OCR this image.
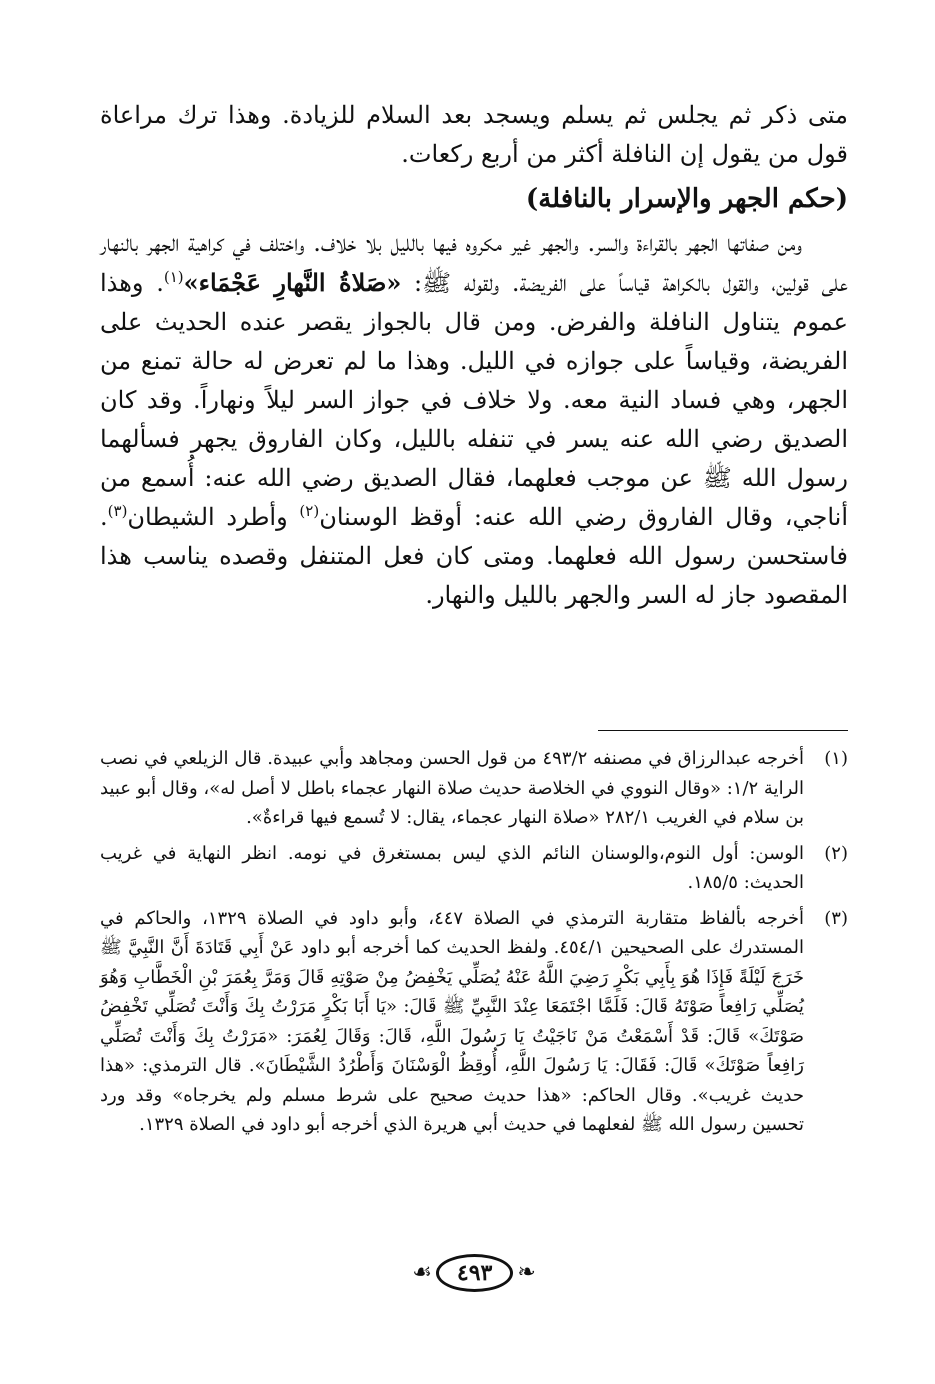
متى ذكر ثم يجلس ثم يسلم ويسجد بعد السلام للزيادة. وهذا ترك مراعاة قول من يقول إن النافلة أكثر من أربع ركعات.

(حكم الجهر والإسرار بالنافلة)

ومن صفاتها الجهر بالقراءة والسر. والجهر غير مكروه فيها بالليل بلا خلاف. واختلف في كراهية الجهر بالنهار على قولين، والقول بالكراهة قياساً على الفريضة. ولقوله ﷺ: «صَلاةُ النَّهارِ عَجْمَاء»$^{(١)}$. وهذا عموم يتناول النافلة والفرض. ومن قال بالجواز يقصر عنده الحديث على الفريضة، وقياساً على جوازه في الليل. وهذا ما لم تعرض له حالة تمنع من الجهر، وهي فساد النية معه. ولا خلاف في جواز السر ليلاً ونهاراً. وقد كان الصديق رضي الله عنه يسر في تنفله بالليل، وكان الفاروق يجهر فسألهما رسول الله ﷺ عن موجب فعلهما، فقال الصديق رضي الله عنه: أُسمع من أناجي، وقال الفاروق رضي الله عنه: أوقظ الوسنان$^{(٢)}$ وأطرد الشيطان$^{(٣)}$. فاستحسن رسول الله فعلهما. ومتى كان فعل المتنفل وقصده يناسب هذا المقصود جاز له السر والجهر بالليل والنهار.

(١)
أخرجه عبدالرزاق في مصنفه ٤٩٣/٢ من قول الحسن ومجاهد وأبي عبيدة. قال الزيلعي في نصب الراية ١/٢: «وقال النووي في الخلاصة حديث صلاة النهار عجماء باطل لا أصل له»، وقال أبو عبيد بن سلام في الغريب ٢٨٢/١ «صلاة النهار عجماء، يقال: لا تُسمع فيها قراءةٌ».
(٢)
الوسن: أول النوم،والوسنان النائم الذي ليس بمستغرق في نومه. انظر النهاية في غريب الحديث: ١٨٥/٥.
(٣)
أخرجه بألفاظ متقاربة الترمذي في الصلاة ٤٤٧، وأبو داود في الصلاة ١٣٢٩، والحاكم في المستدرك على الصحيحين ٤٥٤/١. ولفظ الحديث كما أخرجه أبو داود عَنْ أَبِي قَتَادَةَ أَنَّ النَّبِيَّ ﷺ خَرَجَ لَيْلَةً فَإِذَا هُوَ بِأَبِي بَكْرٍ رَضِيَ اللَّهُ عَنْهُ يُصَلِّي يَخْفِضُ مِنْ صَوْتِهِ قَالَ وَمَرَّ بِعُمَرَ بْنِ الْخَطَّابِ وَهُوَ يُصَلِّي رَافِعاً صَوْتَهُ قَالَ: فَلَمَّا اجْتَمَعَا عِنْدَ النَّبِيِّ ﷺ قَالَ: «يَا أَبَا بَكْرٍ مَرَرْتُ بِكَ وَأَنْتَ تُصَلِّي تَخْفِضُ صَوْتَكَ» قَالَ: قَدْ أَسْمَعْتُ مَنْ نَاجَيْتُ يَا رَسُولَ اللَّهِ، قَالَ: وَقَالَ لِعُمَرَ: «مَرَرْتُ بِكَ وَأَنْتَ تُصَلِّي رَافِعاً صَوْتَكَ» قَالَ: فَقَالَ: يَا رَسُولَ اللَّهِ، أُوقِظُ الْوَسْنَانَ وَأَطْرُدُ الشَّيْطَانَ». قال الترمذي: «هذا حديث غريب». وقال الحاكم: «هذا حديث صحيح على شرط مسلم ولم يخرجاه» وقد ورد تحسين رسول الله ﷺ لفعلهما في حديث أبي هريرة الذي أخرجه أبو داود في الصلاة ١٣٢٩.
❧
٤٩٣
☙
